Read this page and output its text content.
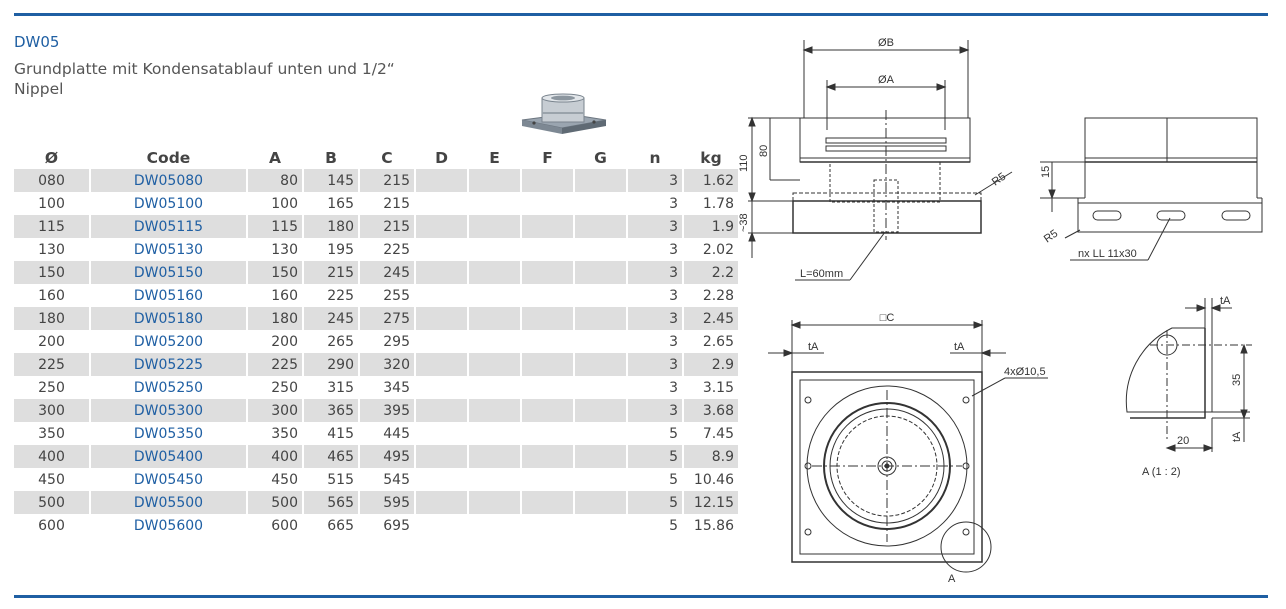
DW05
Grundplatte mit Kondensatablauf unten und 1/2“ Nippel
Ø	Code	A	B	C	D	E	F	G	n	kg
080	DW05080	80	145	215					3	1.62
100	DW05100	100	165	215					3	1.78
115	DW05115	115	180	215					3	1.9
130	DW05130	130	195	225					3	2.02
150	DW05150	150	215	245					3	2.2
160	DW05160	160	225	255					3	2.28
180	DW05180	180	245	275					3	2.45
200	DW05200	200	265	295					3	2.65
225	DW05225	225	290	320					3	2.9
250	DW05250	250	315	345					3	3.15
300	DW05300	300	365	395					3	3.68
350	DW05350	350	415	445					5	7.45
400	DW05400	400	465	495					5	8.9
450	DW05450	450	515	545					5	10.46
500	DW05500	500	565	595					5	12.15
600	DW05600	600	665	695					5	15.86
ØB
ØA
110
80
~38
R5
L=60mm
15
R5
nx LL 11x30
□C
tA	tA
4xØ10,5
A
tA
35
20	tA
A (1 : 2)
